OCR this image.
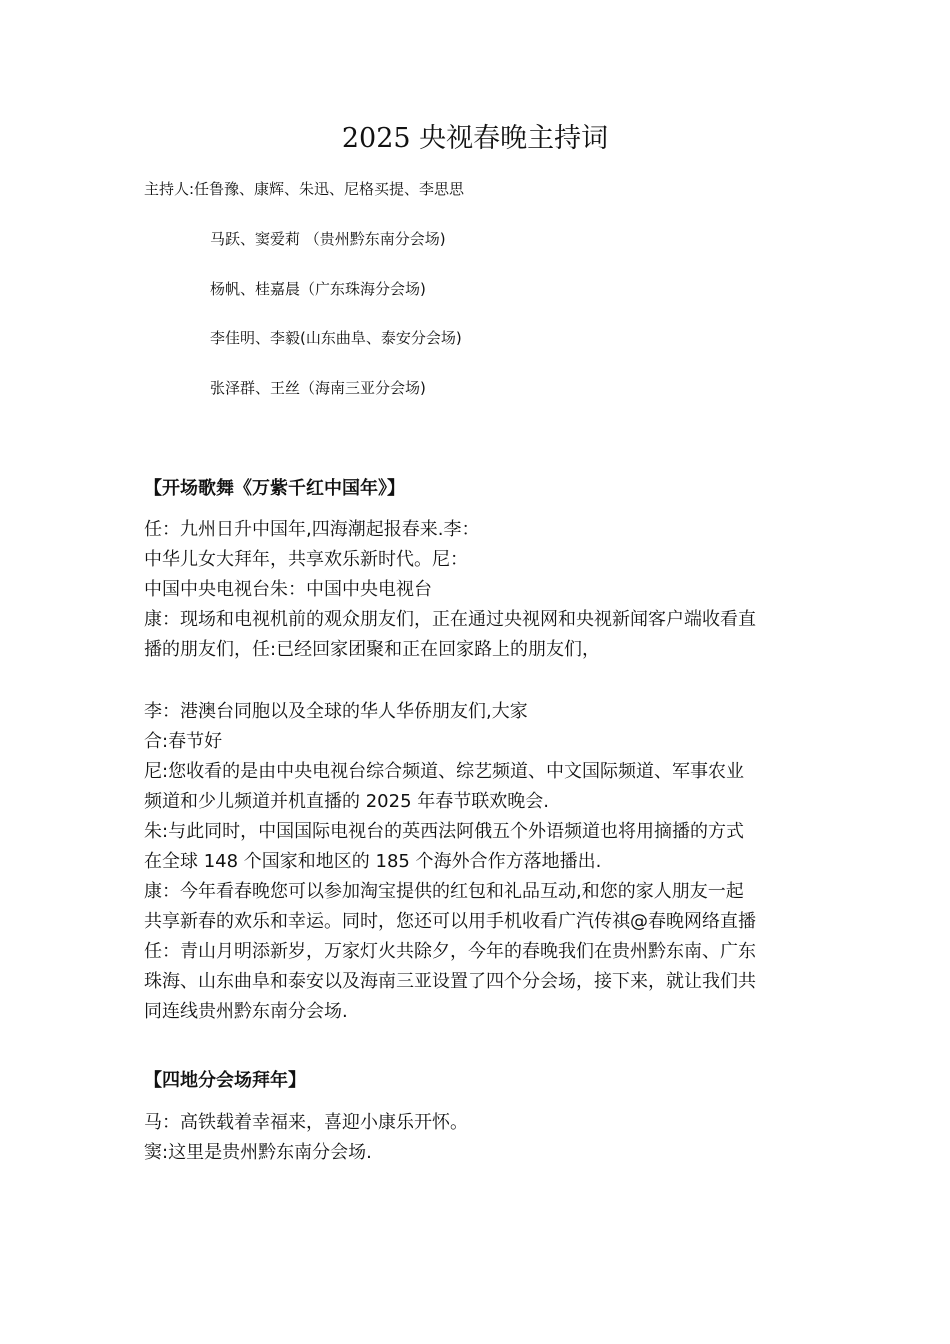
2025 央视春晚主持词

主持人:任鲁豫、康辉、朱迅、尼格买提、李思思

马跃、窦爱莉 （贵州黔东南分会场)

杨帆、桂嘉晨（广东珠海分会场)

李佳明、李毅(山东曲阜、泰安分会场)

张泽群、王丝（海南三亚分会场)

【开场歌舞《万紫千红中国年》】
任：九州日升中国年,四海潮起报春来.李：
中华儿女大拜年，共享欢乐新时代。尼：
中国中央电视台朱：中国中央电视台
康：现场和电视机前的观众朋友们，正在通过央视网和央视新闻客户端收看直
播的朋友们，任:已经回家团聚和正在回家路上的朋友们，
李：港澳台同胞以及全球的华人华侨朋友们,大家
合:春节好
尼:您收看的是由中央电视台综合频道、综艺频道、中文国际频道、军事农业
频道和少儿频道并机直播的 2025 年春节联欢晚会.
朱:与此同时，中国国际电视台的英西法阿俄五个外语频道也将用摘播的方式
在全球 148 个国家和地区的 185 个海外合作方落地播出.
康：今年看春晚您可以参加淘宝提供的红包和礼品互动,和您的家人朋友一起
共享新春的欢乐和幸运。同时，您还可以用手机收看广汽传祺@春晚网络直播
任：青山月明添新岁，万家灯火共除夕，今年的春晚我们在贵州黔东南、广东
珠海、山东曲阜和泰安以及海南三亚设置了四个分会场，接下来，就让我们共
同连线贵州黔东南分会场.
【四地分会场拜年】
马：高铁载着幸福来，喜迎小康乐开怀。
窦:这里是贵州黔东南分会场.
